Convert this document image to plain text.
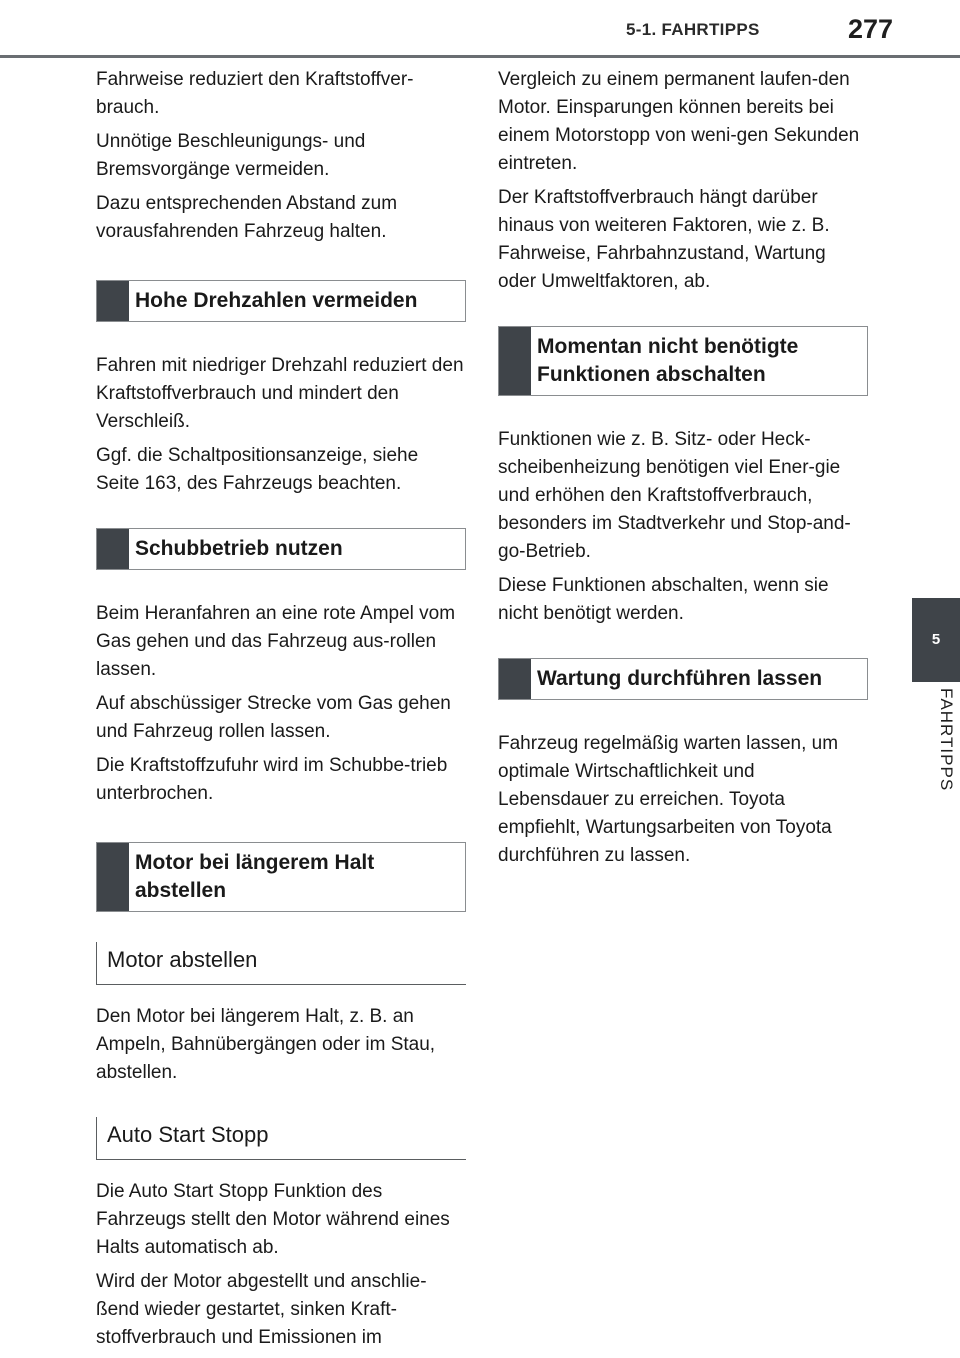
5-1. FAHRTIPPS	277
5
FAHRTIPPS

Fahrweise reduziert den Kraftstoffver-brauch.

Unnötige Beschleunigungs- und Bremsvorgänge vermeiden.

Dazu entsprechenden Abstand zum vorausfahrenden Fahrzeug halten.

Hohe Drehzahlen vermeiden

Fahren mit niedriger Drehzahl reduziert den Kraftstoffverbrauch und mindert den Verschleiß.

Ggf. die Schaltpositionsanzeige, siehe Seite 163, des Fahrzeugs beachten.

Schubbetrieb nutzen

Beim Heranfahren an eine rote Ampel vom Gas gehen und das Fahrzeug aus-rollen lassen.

Auf abschüssiger Strecke vom Gas gehen und Fahrzeug rollen lassen.

Die Kraftstoffzufuhr wird im Schubbe-trieb unterbrochen.

Motor bei längerem Halt abstellen
Motor abstellen

Den Motor bei längerem Halt, z. B. an Ampeln, Bahnübergängen oder im Stau, abstellen.

Auto Start Stopp

Die Auto Start Stopp Funktion des Fahrzeugs stellt den Motor während eines Halts automatisch ab.

Wird der Motor abgestellt und anschlie-ßend wieder gestartet, sinken Kraft-stoffverbrauch und Emissionen im

Vergleich zu einem permanent laufen-den Motor. Einsparungen können bereits bei einem Motorstopp von weni-gen Sekunden eintreten.

Der Kraftstoffverbrauch hängt darüber hinaus von weiteren Faktoren, wie z. B. Fahrweise, Fahrbahnzustand, Wartung oder Umweltfaktoren, ab.

Momentan nicht benötigte Funktionen abschalten

Funktionen wie z. B. Sitz- oder Heck-scheibenheizung benötigen viel Ener-gie und erhöhen den Kraftstoffverbrauch, besonders im Stadtverkehr und Stop-and-go-Betrieb.

Diese Funktionen abschalten, wenn sie nicht benötigt werden.

Wartung durchführen lassen

Fahrzeug regelmäßig warten lassen, um optimale Wirtschaftlichkeit und Lebensdauer zu erreichen. Toyota empfiehlt, Wartungsarbeiten von Toyota durchführen zu lassen.
